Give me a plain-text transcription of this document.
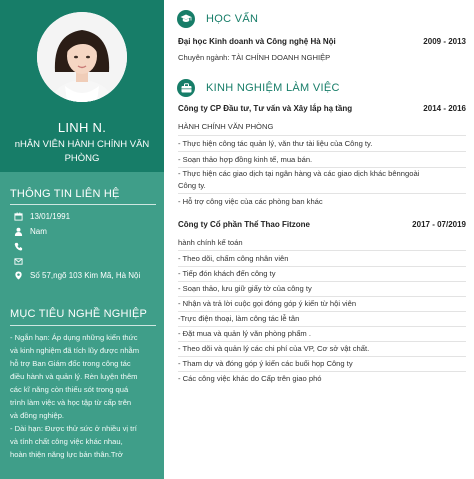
LINH N.
nHÂN VIÊN HÀNH CHÍNH VĂN PHÒNG
THÔNG TIN LIÊN HỆ
13/01/1991
Nam
Số 57,ngõ 103 Kim Mã, Hà Nội
MỤC TIÊU NGHỀ NGHIỆP
- Ngắn hạn: Áp dụng những kiến thức
và kinh nghiệm đã tích lũy được nhằm
hỗ trợ Ban Giám đốc trong công tác
điều hành và quản lý. Rèn luyện thêm
các kĩ năng còn thiếu sót trong quá
trình làm việc và học tập từ cấp trên
và đồng nghiệp.
- Dài hạn: Được thử sức ở nhiều vị trí
và tính chất công việc khác nhau,
hoàn thiện năng lực bản thân.Trở
HỌC VẤN
Đại học Kinh doanh và Công nghệ Hà Nội	2009 - 2013
Chuyên ngành: TÀI CHÍNH DOANH NGHIỆP
KINH NGHIỆM LÀM VIỆC
Công ty CP Đầu tư, Tư vấn và Xây lắp hạ tầng	2014 - 2016
HÀNH CHÍNH VĂN PHÒNG
- Thực hiện công tác quản lý, văn thư tài liệu của Công ty.
- Soạn thảo hợp đồng kinh tế, mua bán.
- Thực hiện các giao dịch tại ngân hàng và các giao dịch khác bênngoài
Công ty.
- Hỗ trợ công việc của các phòng ban khác
Công ty Cổ phần Thể Thao Fitzone	2017 - 07/2019
hành chính kế toán
- Theo dõi, chấm công nhân viên
- Tiếp đón khách đến công ty
- Soạn thảo, lưu giữ giấy tờ của công ty
- Nhận và trả lời cuộc gọi đóng góp ý kiến từ hội viên
-Trực điện thoại, làm công tác lễ tân
- Đặt mua và quản lý văn phòng phẩm .
- Theo dõi và quản lý các chi phí của VP, Cơ sở vật chất.
- Tham dự và đóng góp ý kiến các buổi họp Công ty
- Các công việc khác do Cấp trên giao phó
